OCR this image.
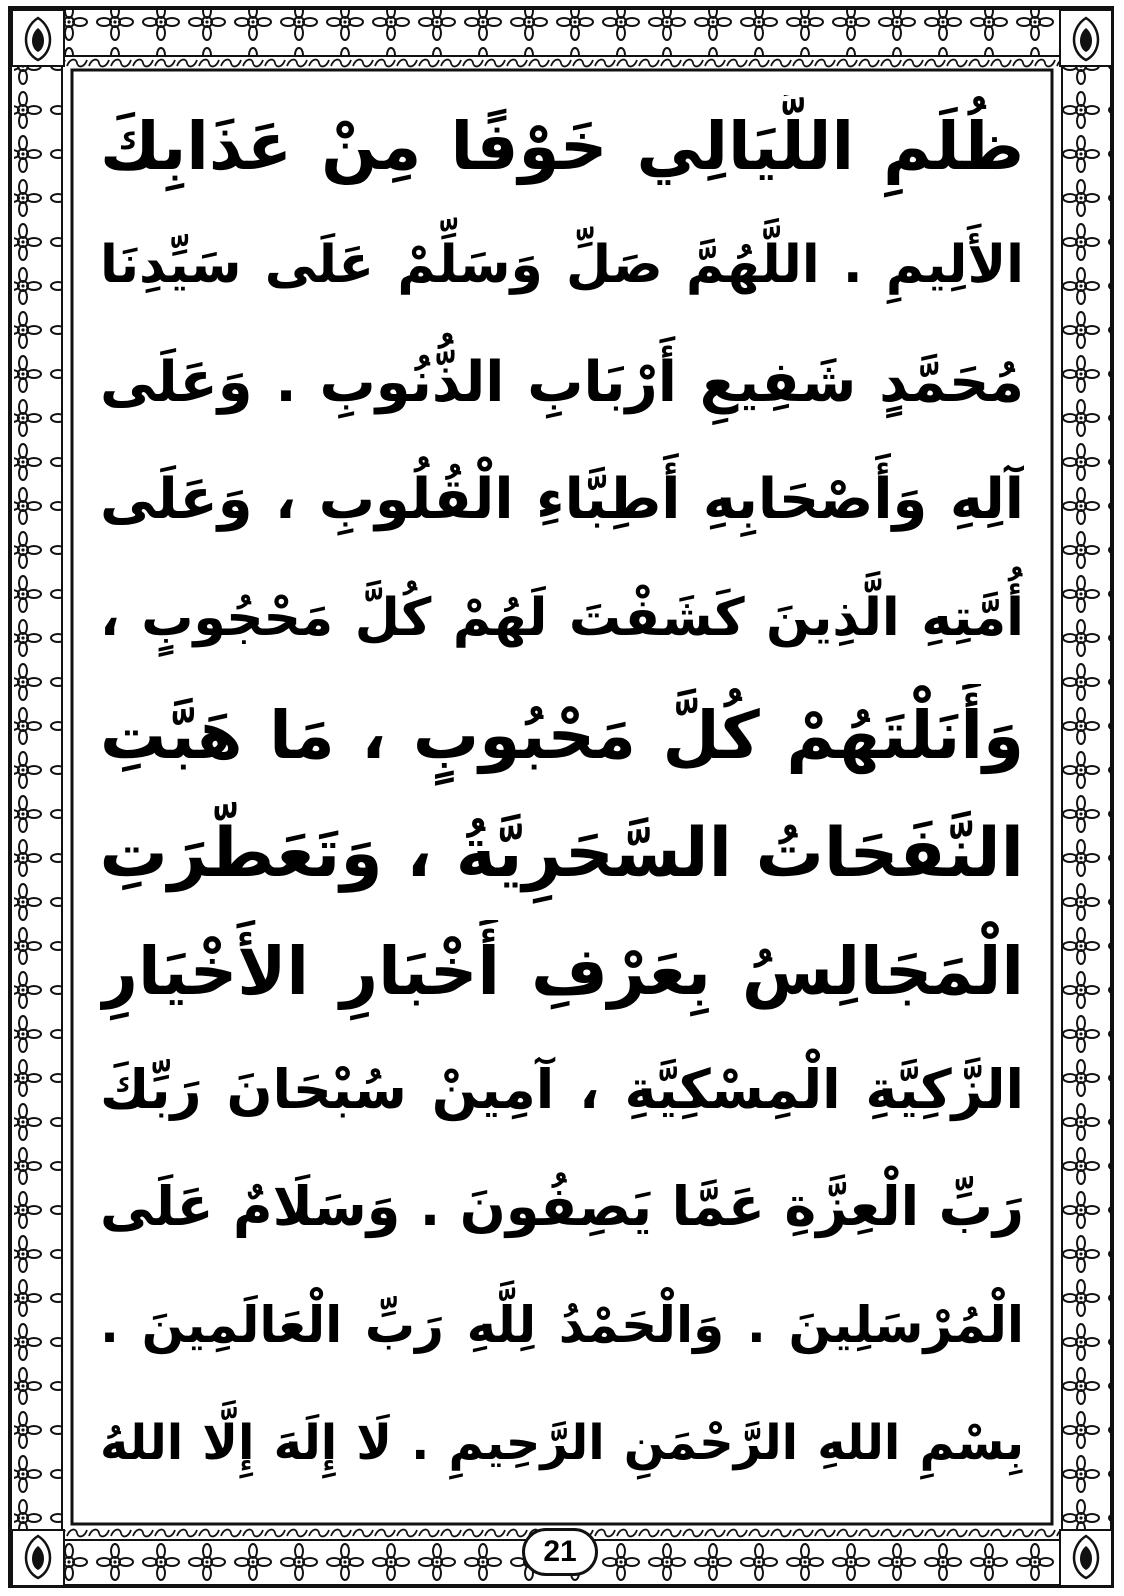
ظُلَمِ اللَّيَالِي خَوْفًا مِنْ عَذَابِكَ
الأَلِيمِ . اللَّهُمَّ صَلِّ وَسَلِّمْ عَلَى سَيِّدِنَا
مُحَمَّدٍ شَفِيعِ أَرْبَابِ الذُّنُوبِ . وَعَلَى
آلِهِ وَأَصْحَابِهِ أَطِبَّاءِ الْقُلُوبِ ، وَعَلَى
أُمَّتِهِ الَّذِينَ كَشَفْتَ لَهُمْ كُلَّ مَحْجُوبٍ ،
وَأَنَلْتَهُمْ كُلَّ مَحْبُوبٍ ، مَا هَبَّتِ
النَّفَحَاتُ السَّحَرِيَّةُ ، وَتَعَطَّرَتِ
الْمَجَالِسُ بِعَرْفِ أَخْبَارِ الأَخْيَارِ
الزَّكِيَّةِ الْمِسْكِيَّةِ ، آمِينْ سُبْحَانَ رَبِّكَ
رَبِّ الْعِزَّةِ عَمَّا يَصِفُونَ . وَسَلَامٌ عَلَى
الْمُرْسَلِينَ . وَالْحَمْدُ لِلَّهِ رَبِّ الْعَالَمِينَ .
بِسْمِ اللهِ الرَّحْمَنِ الرَّحِيمِ . لَا إِلَهَ إِلَّا اللهُ
21
